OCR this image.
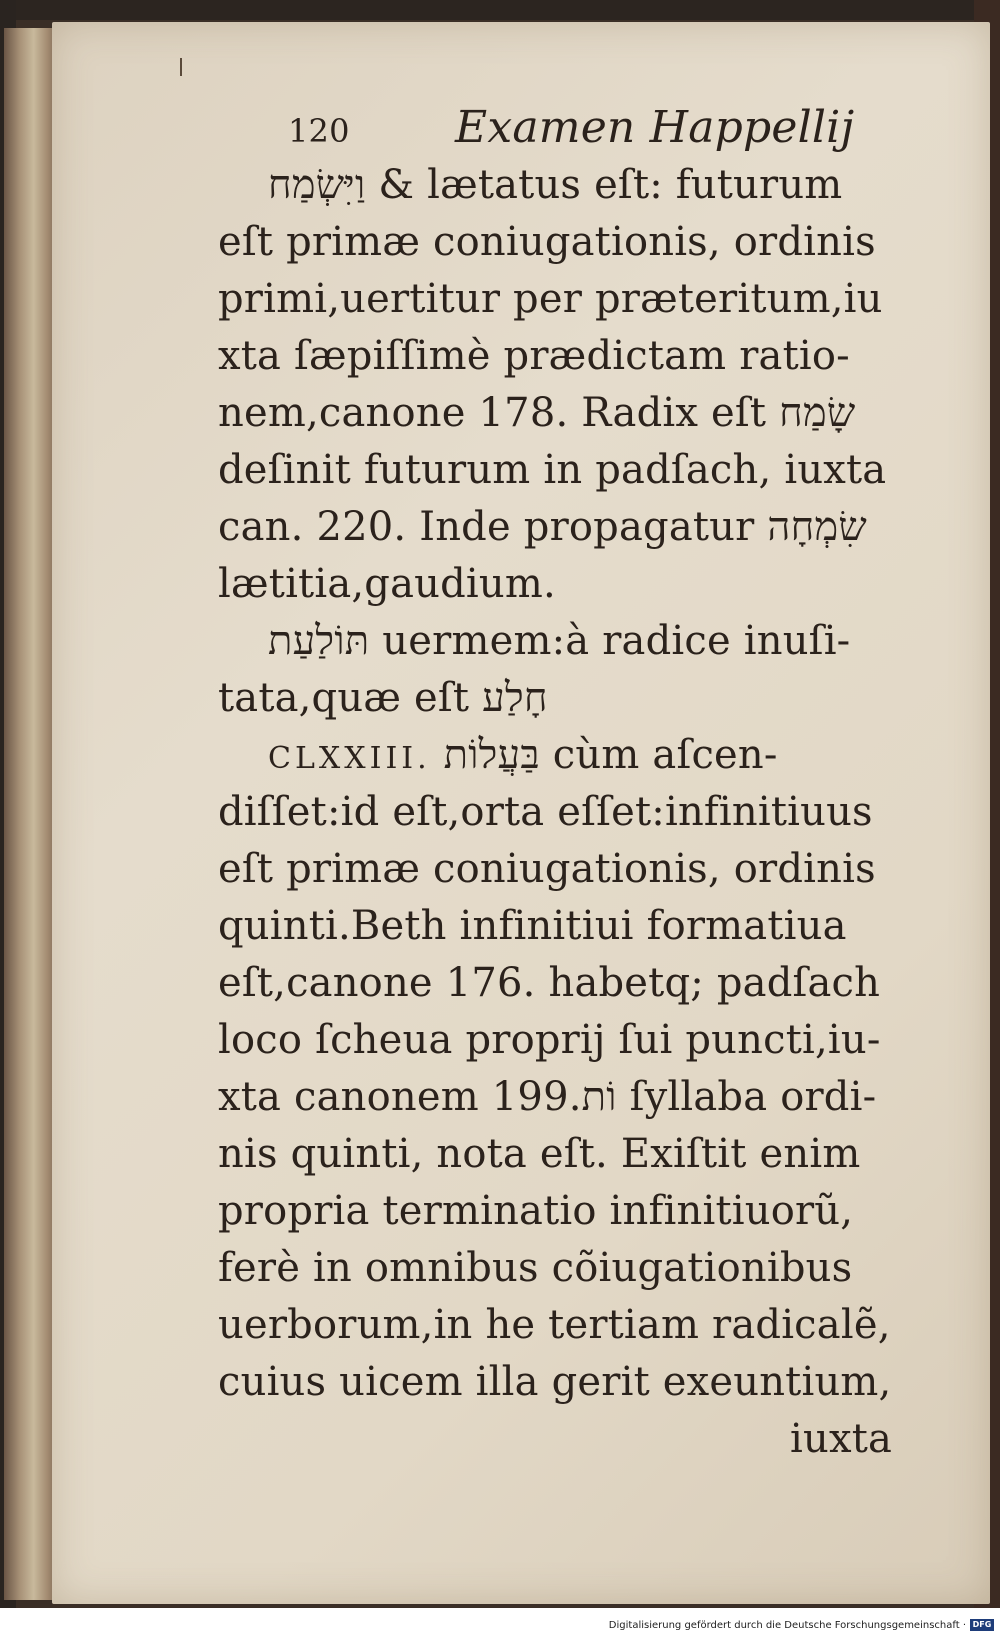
120 Examen Happellij
וַיִּשְׂמַח & lætatus eſt: futurum
eſt primæ coniugationis, ordinis
primi,uertitur per præteritum,iu
xta ſæpiſſimè prædictam ratio-
nem,canone 178. Radix eſt שָׂמַח
deſinit futurum in padſach, iuxta
can. 220. Inde propagatur שִׂמְחָה
lætitia,gaudium.
תּוֹלַעַת uermem:à radice inuſi-
tata,quæ eſt חָלַע
CLXXIII. בַּעֲלוֹת cùm aſcen-
diſſet:id eſt,orta eſſet:infinitiuus
eſt primæ coniugationis, ordinis
quinti.Beth infinitiui formatiua
eſt,canone 176. habetq; padſach
loco ſcheua proprij ſui puncti,iu-
xta canonem 199.וֹת ſyllaba ordi-
nis quinti, nota eſt. Exiſtit enim
propria terminatio infinitiuorũ,
ferè in omnibus cõiugationibus
uerborum,in he tertiam radicalẽ,
cuius uicem illa gerit exeuntium,
iuxta
Digitalisierung gefördert durch die Deutsche Forschungsgemeinschaft · DFG
